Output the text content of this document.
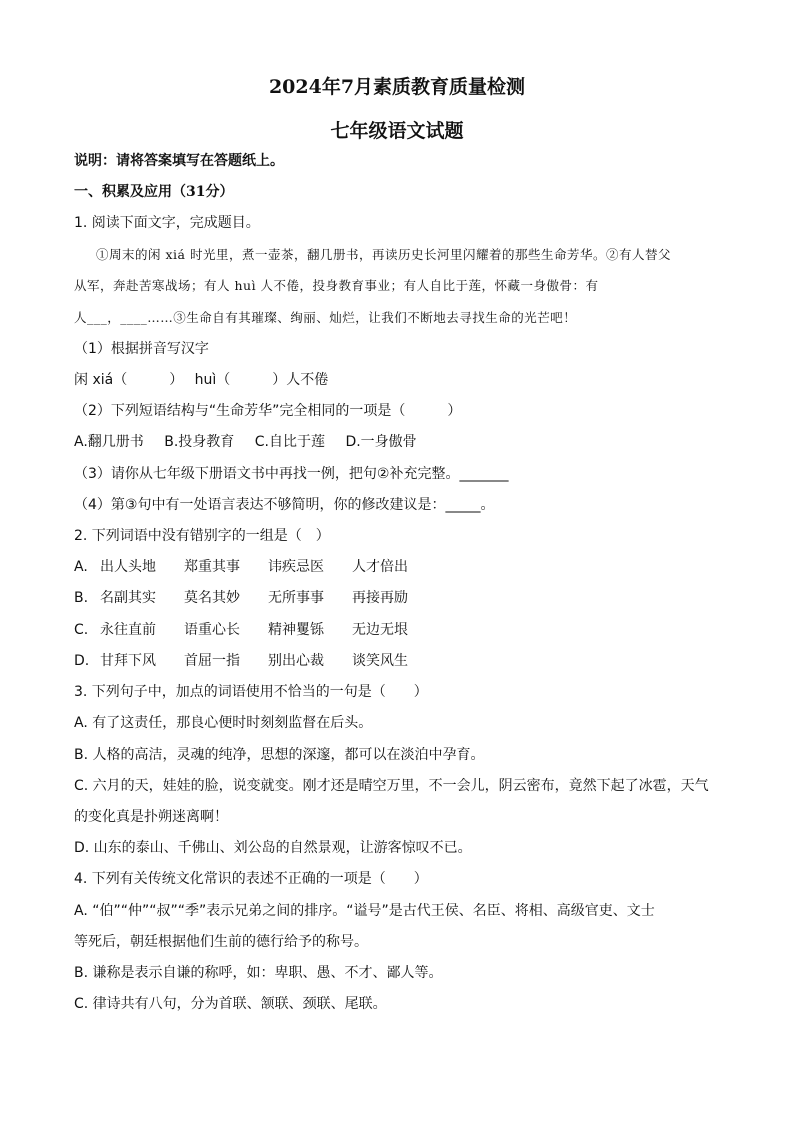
2024年7月素质教育质量检测
七年级语文试题
说明：请将答案填写在答题纸上。
一、积累及应用（31分）
1. 阅读下面文字，完成题目。
①周末的闲 xiá 时光里，煮一壶茶，翻几册书，再读历史长河里闪耀着的那些生命芳华。②有人替父
从军，奔赴苦寒战场；有人 huì 人不倦，投身教育事业；有人自比于莲，怀藏一身傲骨：有
人___，____……③生命自有其璀璨、绚丽、灿烂，让我们不断地去寻找生命的光芒吧！
（1）根据拼音写汉字
闲 xiá（　　　）　 huì（　　　）人不倦
（2）下列短语结构与“生命芳华”完全相同的一项是（　　　）
A.翻几册书 B.投身教育 C.自比于莲 D.一身傲骨
（3）请你从七年级下册语文书中再找一例，把句②补充完整。_______
（4）第③句中有一处语言表达不够简明，你的修改建议是：_____。
2. 下列词语中没有错别字的一组是（　）
A. 出人头地 郑重其事 讳疾忌医 人才倍出
B. 名副其实 莫名其妙 无所事事 再接再励
C. 永往直前 语重心长 精神矍铄 无边无垠
D. 甘拜下风 首屈一指 别出心裁 谈笑风生
3. 下列句子中，加点的词语使用不恰当的一句是（　　）
A. 有了这责任，那良心便时时刻刻监督在后头。
B. 人格的高洁，灵魂的纯净，思想的深邃，都可以在淡泊中孕育。
C. 六月的天，娃娃的脸，说变就变。刚才还是晴空万里，不一会儿，阴云密布，竟然下起了冰雹，天气
的变化真是扑朔迷离啊！
D. 山东的泰山、千佛山、刘公岛的自然景观，让游客惊叹不已。
4. 下列有关传统文化常识的表述不正确的一项是（　　）
A. “伯”“仲”“叔”“季”表示兄弟之间的排序。“谥号”是古代王侯、名臣、将相、高级官吏、文士
等死后，朝廷根据他们生前的德行给予的称号。
B. 谦称是表示自谦的称呼，如：卑职、愚、不才、鄙人等。
C. 律诗共有八句，分为首联、颔联、颈联、尾联。
